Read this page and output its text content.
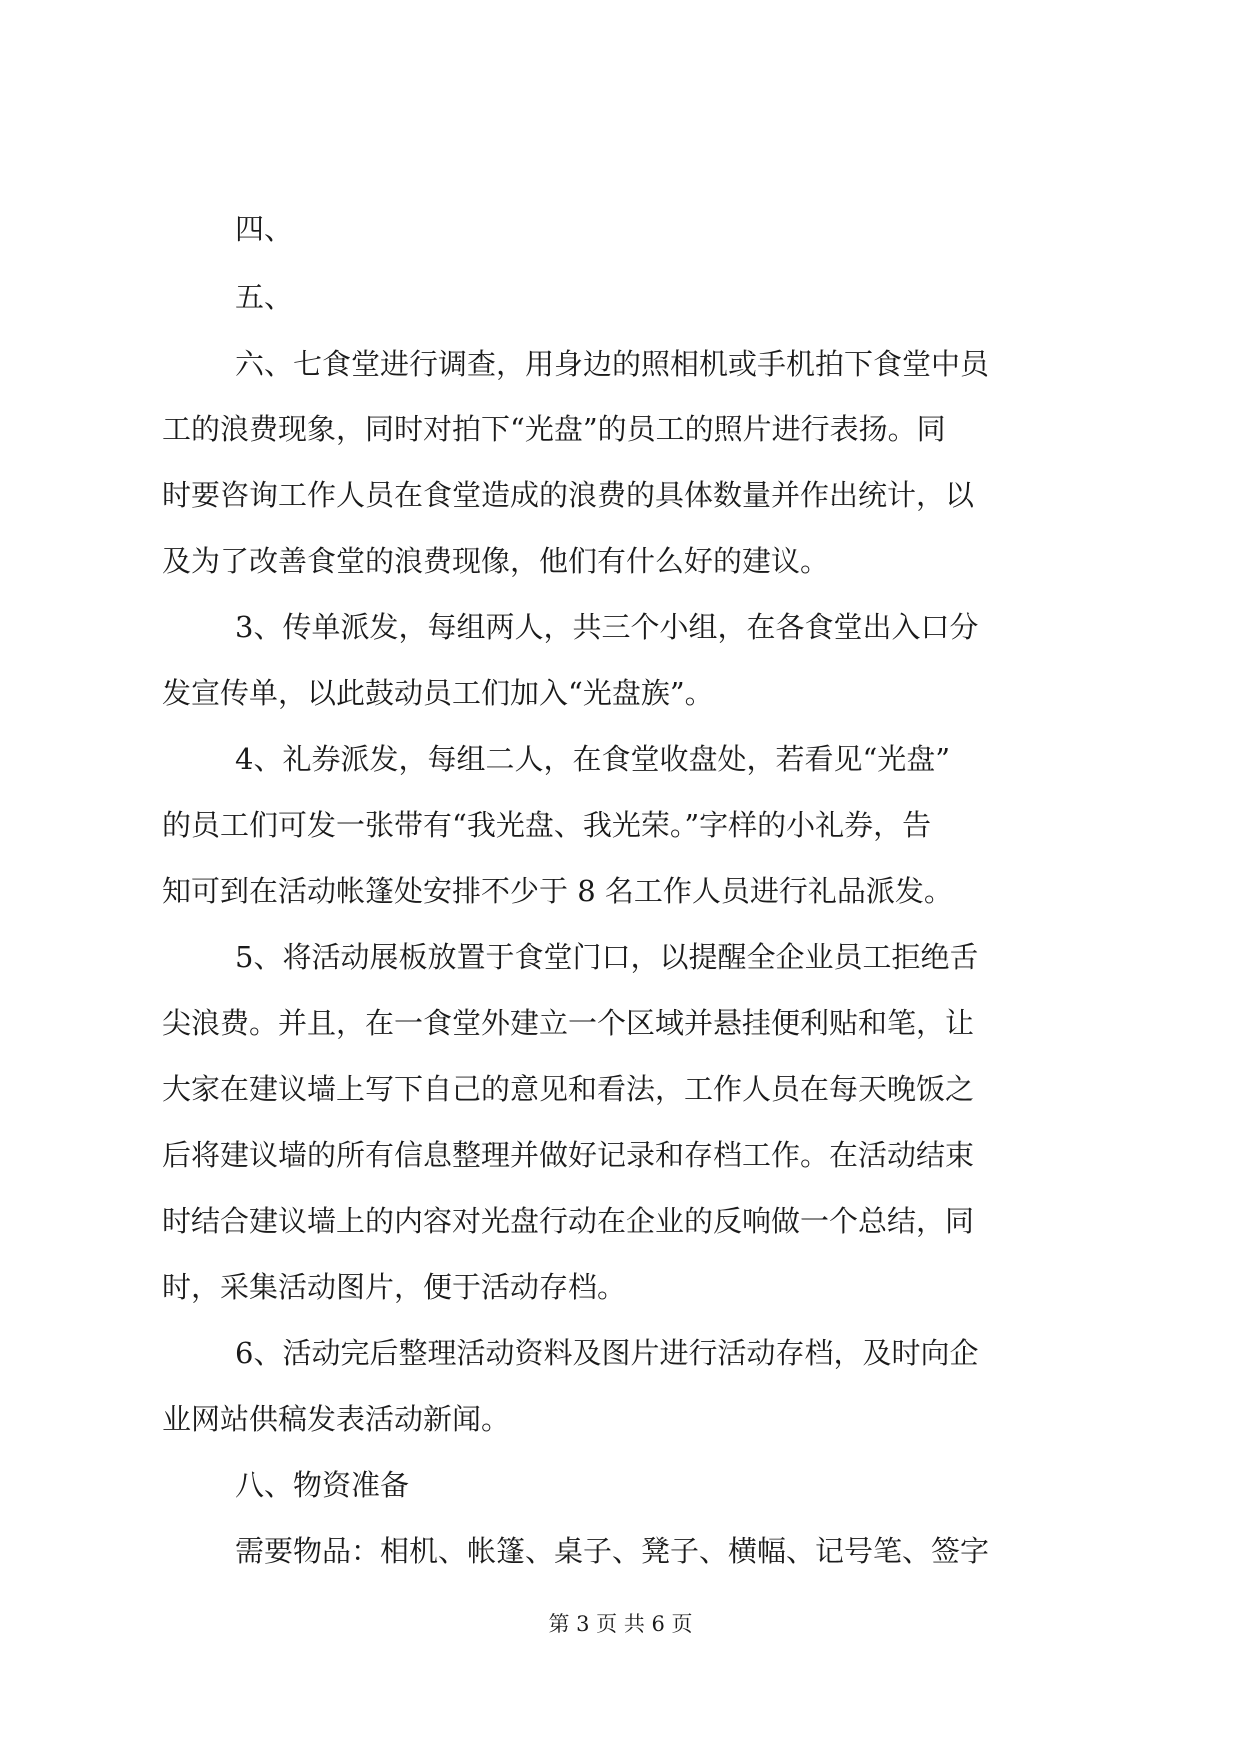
四、
五、
六、七食堂进行调查，用身边的照相机或手机拍下食堂中员
工的浪费现象，同时对拍下“光盘”的员工的照片进行表扬。同
时要咨询工作人员在食堂造成的浪费的具体数量并作出统计，以
及为了改善食堂的浪费现像，他们有什么好的建议。
3、传单派发，每组两人，共三个小组，在各食堂出入口分
发宣传单，以此鼓动员工们加入“光盘族”。
4、礼券派发，每组二人，在食堂收盘处，若看见“光盘”
的员工们可发一张带有“我光盘、我光荣。”字样的小礼券，告
知可到在活动帐篷处安排不少于 8 名工作人员进行礼品派发。
5、将活动展板放置于食堂门口，以提醒全企业员工拒绝舌
尖浪费。并且，在一食堂外建立一个区域并悬挂便利贴和笔，让
大家在建议墙上写下自己的意见和看法，工作人员在每天晚饭之
后将建议墙的所有信息整理并做好记录和存档工作。在活动结束
时结合建议墙上的内容对光盘行动在企业的反响做一个总结，同
时，采集活动图片，便于活动存档。
6、活动完后整理活动资料及图片进行活动存档，及时向企
业网站供稿发表活动新闻。
八、物资准备
需要物品：相机、帐篷、桌子、凳子、横幅、记号笔、签字
第 3 页 共 6 页
